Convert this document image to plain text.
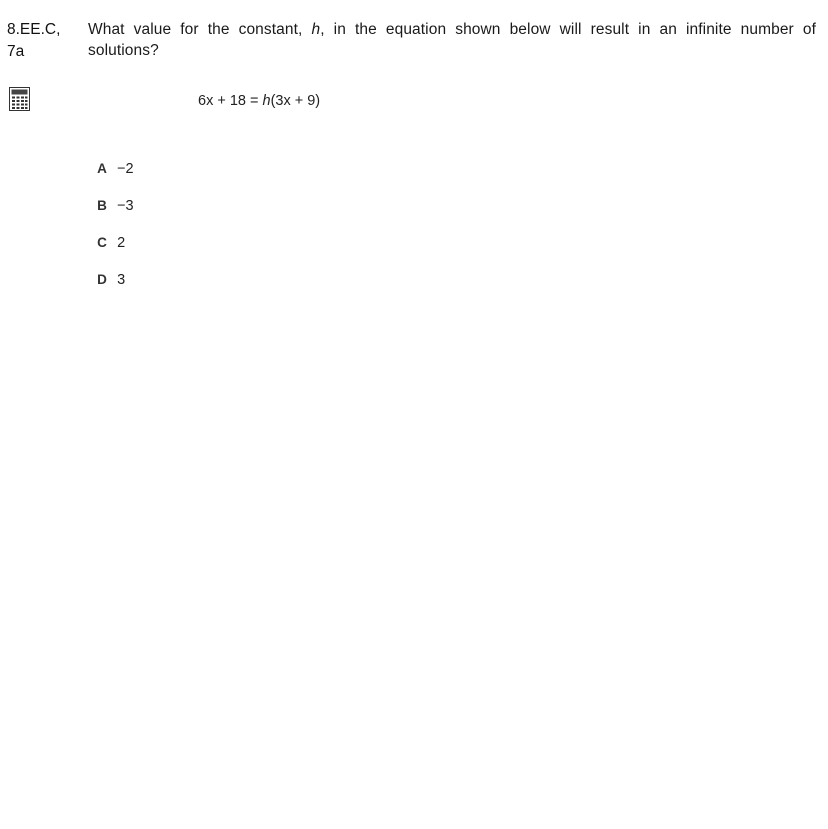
8.EE.C,
7a
What value for the constant, h, in the equation shown below will result in an infinite number of solutions?
6x + 18 = h(3x + 9)

A −2

B −3

C 2

D 3
